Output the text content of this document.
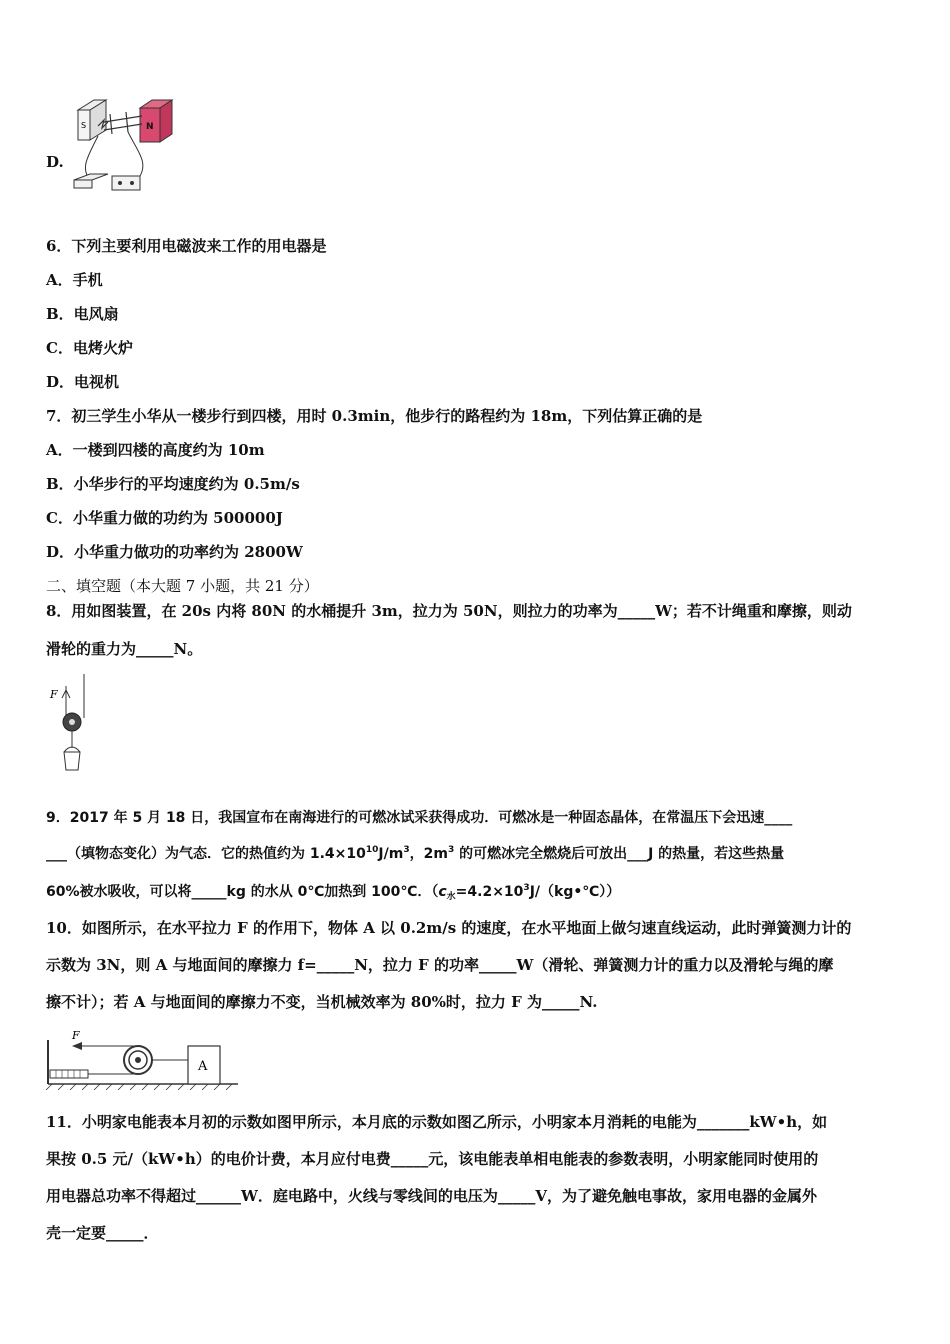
S	N
D.
6．下列主要利用电磁波来工作的用电器是
A．手机
B．电风扇
C．电烤火炉
D．电视机
7．初三学生小华从一楼步行到四楼，用时 0.3min，他步行的路程约为 18m，下列估算正确的是
A．一楼到四楼的高度约为 10m
B．小华步行的平均速度约为 0.5m/s
C．小华重力做的功约为 500000J
D．小华重力做功的功率约为 2800W
二、填空题（本大题 7 小题，共 21 分）
8．用如图装置，在 20s 内将 80N 的水桶提升 3m，拉力为 50N，则拉力的功率为_____W；若不计绳重和摩擦，则动
滑轮的重力为_____N。
F
9．2017 年 5 月 18 日，我国宣布在南海进行的可燃冰试采获得成功．可燃冰是一种固态晶体，在常温压下会迅速____
___（填物态变化）为气态．它的热值约为 $1.4\times 10^{10}J/m^3$，$2m^3$ 的可燃冰完全燃烧后可放出___J 的热量，若这些热量
60%被水吸收，可以将_____kg 的水从 0℃加热到 100℃．$(c_水=4.2\times 10^3J/(kg•℃))$
10．如图所示，在水平拉力 F 的作用下，物体 A 以 0.2m/s 的速度，在水平地面上做匀速直线运动，此时弹簧测力计的
示数为 3N，则 A 与地面间的摩擦力 f=_____N，拉力 F 的功率_____W（滑轮、弹簧测力计的重力以及滑轮与绳的摩
擦不计）；若 A 与地面间的摩擦力不变，当机械效率为 80%时，拉力 F 为_____N.
A
F
11．小明家电能表本月初的示数如图甲所示，本月底的示数如图乙所示，小明家本月消耗的电能为_______kW•h，如
果按 0.5 元/（kW•h）的电价计费，本月应付电费_____元，该电能表单相电能表的参数表明，小明家能同时使用的
用电器总功率不得超过______W．庭电路中，火线与零线间的电压为_____V，为了避免触电事故，家用电器的金属外
壳一定要_____．
